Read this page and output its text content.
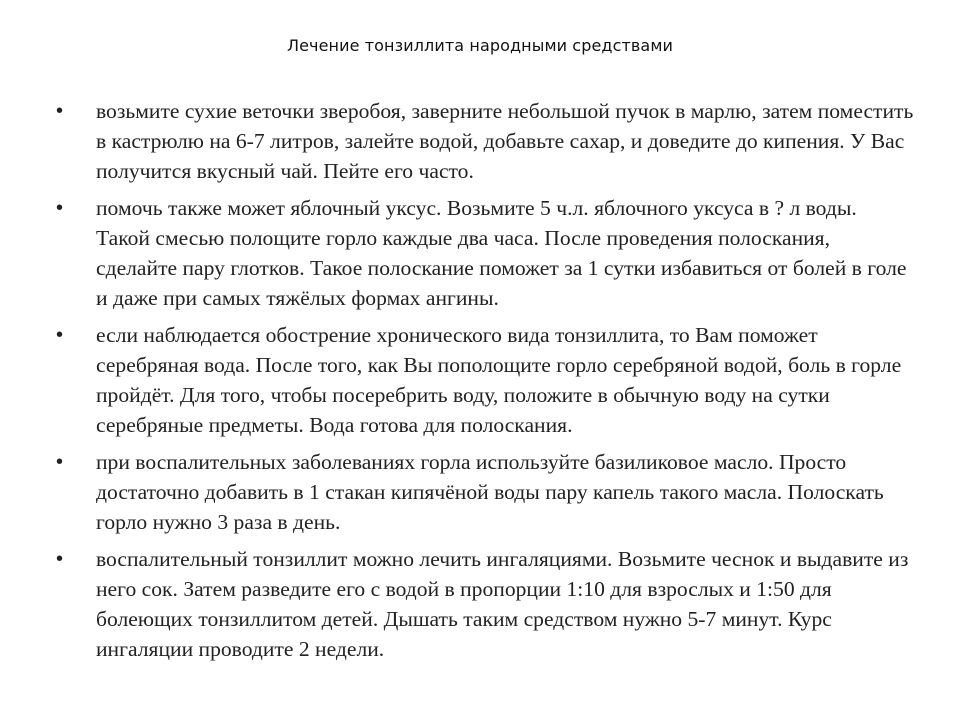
Лечение тонзиллита народными средствами
• возьмите сухие веточки зверобоя, заверните небольшой пучок в марлю, затем поместить в кастрюлю на 6-7 литров, залейте водой, добавьте сахар, и доведите до кипения. У Вас получится вкусный чай. Пейте его часто.
• помочь также может яблочный уксус. Возьмите 5 ч.л. яблочного уксуса в ? л воды. Такой смесью полощите горло каждые два часа. После проведения полоскания, сделайте пару глотков. Такое полоскание поможет за 1 сутки избавиться от болей в голе и даже при самых тяжёлых формах ангины.
• если наблюдается обострение хронического вида тонзиллита, то Вам поможет серебряная вода. После того, как Вы пополощите горло серебряной водой, боль в горле пройдёт. Для того, чтобы посеребрить воду, положите в обычную воду на сутки серебряные предметы. Вода готова для полоскания.
• при воспалительных заболеваниях горла используйте базиликовое масло. Просто достаточно добавить в 1 стакан кипячёной воды пару капель такого масла. Полоскать горло нужно 3 раза в день.
• воспалительный тонзиллит можно лечить ингаляциями. Возьмите чеснок и выдавите из него сок. Затем разведите его с водой в пропорции 1:10 для взрослых и 1:50 для болеющих тонзиллитом детей. Дышать таким средством нужно 5-7 минут. Курс ингаляции проводите 2 недели.
